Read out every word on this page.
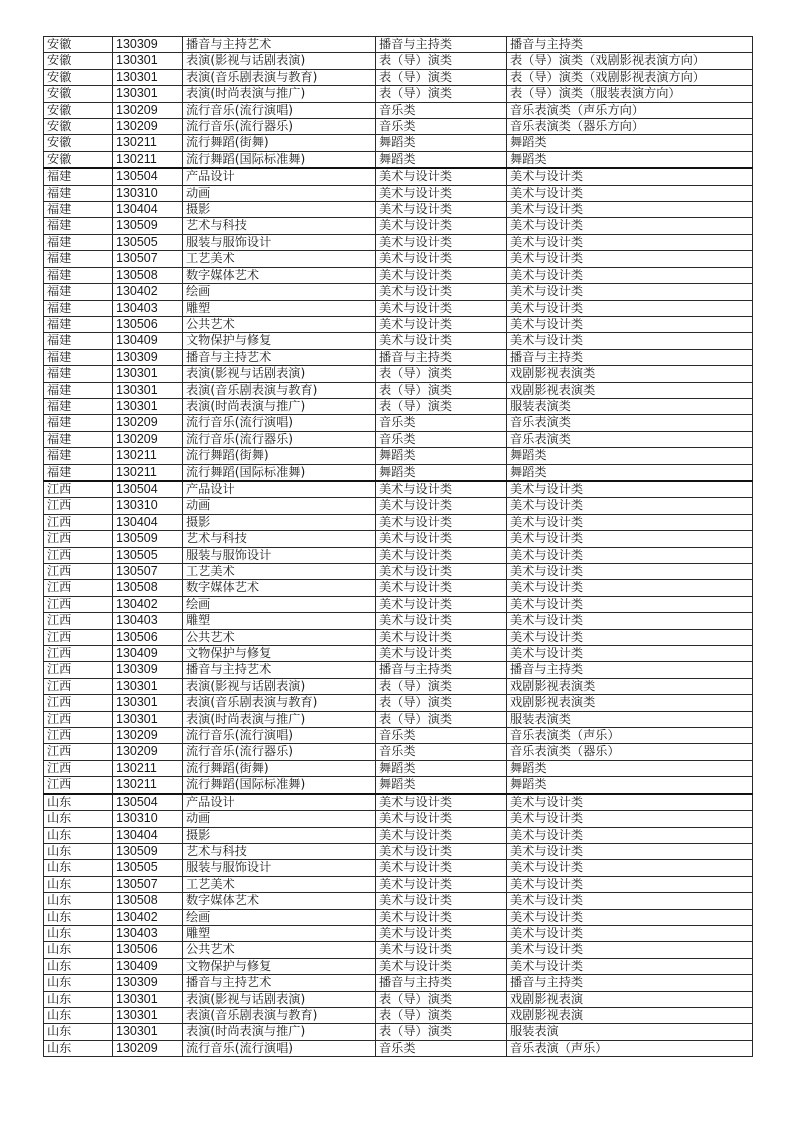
安徽	130309	播音与主持艺术	播音与主持类	播音与主持类
安徽	130301	表演(影视与话剧表演)	表（导）演类	表（导）演类（戏剧影视表演方向）
安徽	130301	表演(音乐剧表演与教育)	表（导）演类	表（导）演类（戏剧影视表演方向）
安徽	130301	表演(时尚表演与推广)	表（导）演类	表（导）演类（服装表演方向）
安徽	130209	流行音乐(流行演唱)	音乐类	音乐表演类（声乐方向）
安徽	130209	流行音乐(流行器乐)	音乐类	音乐表演类（器乐方向）
安徽	130211	流行舞蹈(街舞)	舞蹈类	舞蹈类
安徽	130211	流行舞蹈(国际标准舞)	舞蹈类	舞蹈类
福建	130504	产品设计	美术与设计类	美术与设计类
福建	130310	动画	美术与设计类	美术与设计类
福建	130404	摄影	美术与设计类	美术与设计类
福建	130509	艺术与科技	美术与设计类	美术与设计类
福建	130505	服装与服饰设计	美术与设计类	美术与设计类
福建	130507	工艺美术	美术与设计类	美术与设计类
福建	130508	数字媒体艺术	美术与设计类	美术与设计类
福建	130402	绘画	美术与设计类	美术与设计类
福建	130403	雕塑	美术与设计类	美术与设计类
福建	130506	公共艺术	美术与设计类	美术与设计类
福建	130409	文物保护与修复	美术与设计类	美术与设计类
福建	130309	播音与主持艺术	播音与主持类	播音与主持类
福建	130301	表演(影视与话剧表演)	表（导）演类	戏剧影视表演类
福建	130301	表演(音乐剧表演与教育)	表（导）演类	戏剧影视表演类
福建	130301	表演(时尚表演与推广)	表（导）演类	服装表演类
福建	130209	流行音乐(流行演唱)	音乐类	音乐表演类
福建	130209	流行音乐(流行器乐)	音乐类	音乐表演类
福建	130211	流行舞蹈(街舞)	舞蹈类	舞蹈类
福建	130211	流行舞蹈(国际标准舞)	舞蹈类	舞蹈类
江西	130504	产品设计	美术与设计类	美术与设计类
江西	130310	动画	美术与设计类	美术与设计类
江西	130404	摄影	美术与设计类	美术与设计类
江西	130509	艺术与科技	美术与设计类	美术与设计类
江西	130505	服装与服饰设计	美术与设计类	美术与设计类
江西	130507	工艺美术	美术与设计类	美术与设计类
江西	130508	数字媒体艺术	美术与设计类	美术与设计类
江西	130402	绘画	美术与设计类	美术与设计类
江西	130403	雕塑	美术与设计类	美术与设计类
江西	130506	公共艺术	美术与设计类	美术与设计类
江西	130409	文物保护与修复	美术与设计类	美术与设计类
江西	130309	播音与主持艺术	播音与主持类	播音与主持类
江西	130301	表演(影视与话剧表演)	表（导）演类	戏剧影视表演类
江西	130301	表演(音乐剧表演与教育)	表（导）演类	戏剧影视表演类
江西	130301	表演(时尚表演与推广)	表（导）演类	服装表演类
江西	130209	流行音乐(流行演唱)	音乐类	音乐表演类（声乐）
江西	130209	流行音乐(流行器乐)	音乐类	音乐表演类（器乐）
江西	130211	流行舞蹈(街舞)	舞蹈类	舞蹈类
江西	130211	流行舞蹈(国际标准舞)	舞蹈类	舞蹈类
山东	130504	产品设计	美术与设计类	美术与设计类
山东	130310	动画	美术与设计类	美术与设计类
山东	130404	摄影	美术与设计类	美术与设计类
山东	130509	艺术与科技	美术与设计类	美术与设计类
山东	130505	服装与服饰设计	美术与设计类	美术与设计类
山东	130507	工艺美术	美术与设计类	美术与设计类
山东	130508	数字媒体艺术	美术与设计类	美术与设计类
山东	130402	绘画	美术与设计类	美术与设计类
山东	130403	雕塑	美术与设计类	美术与设计类
山东	130506	公共艺术	美术与设计类	美术与设计类
山东	130409	文物保护与修复	美术与设计类	美术与设计类
山东	130309	播音与主持艺术	播音与主持类	播音与主持类
山东	130301	表演(影视与话剧表演)	表（导）演类	戏剧影视表演
山东	130301	表演(音乐剧表演与教育)	表（导）演类	戏剧影视表演
山东	130301	表演(时尚表演与推广)	表（导）演类	服装表演
山东	130209	流行音乐(流行演唱)	音乐类	音乐表演（声乐）
